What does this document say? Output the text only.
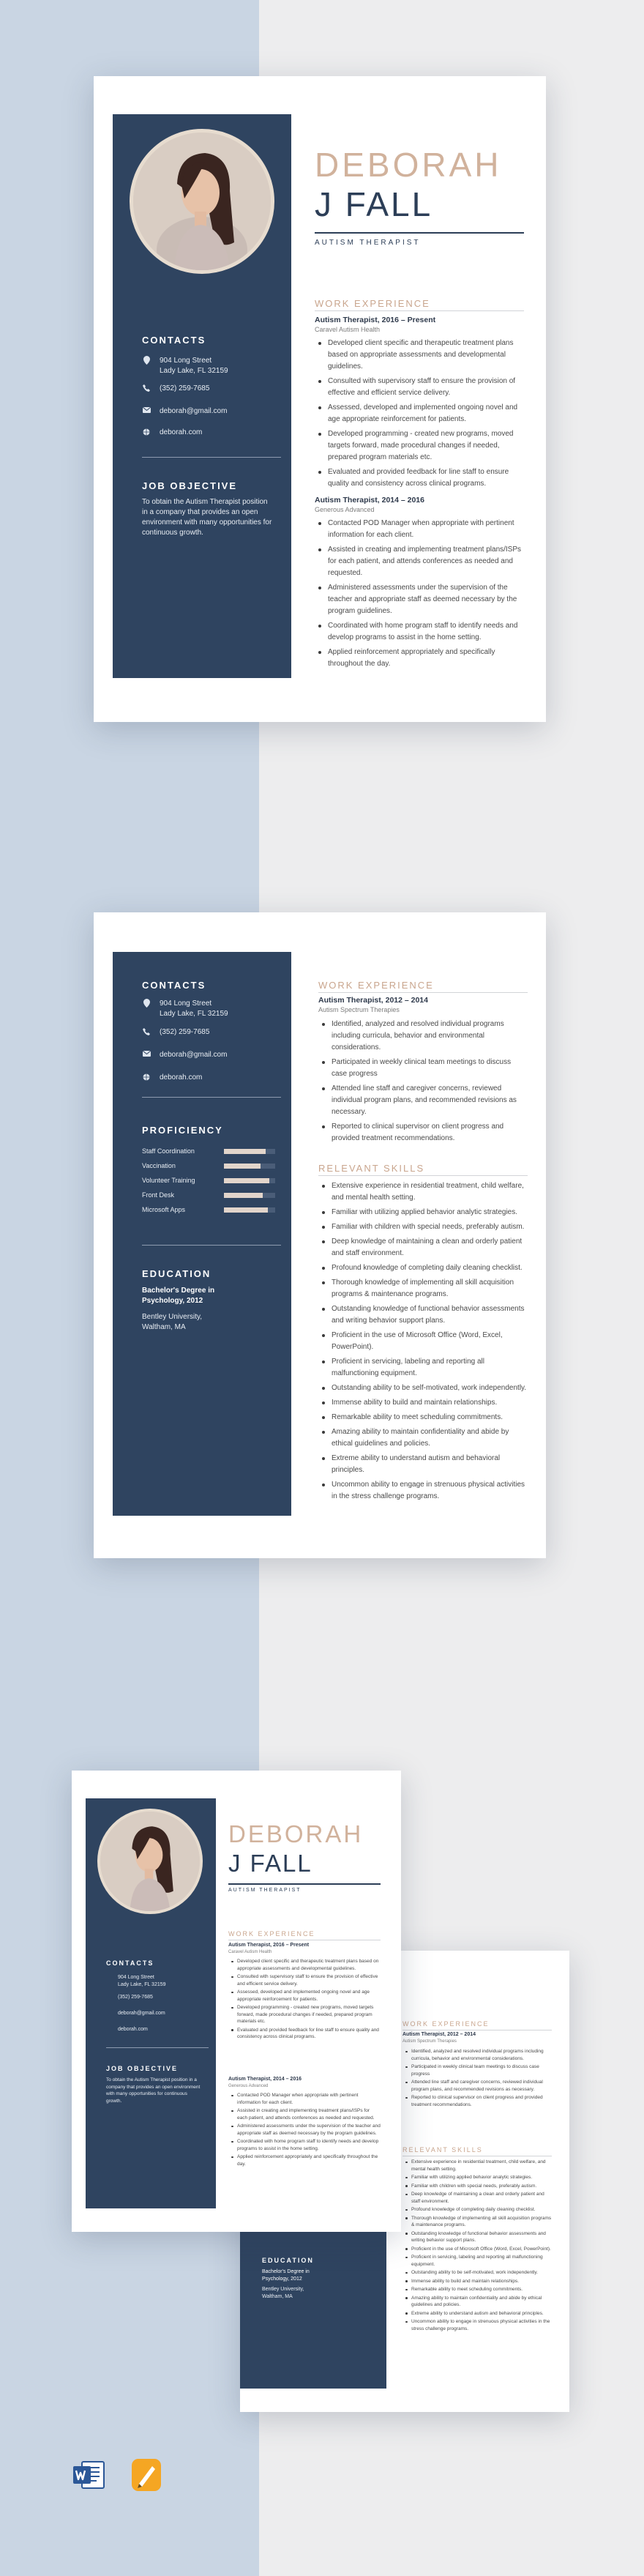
CONTACTS
904 Long Street
Lady Lake, FL 32159
(352) 259-7685
deborah@gmail.com
deborah.com
JOB OBJECTIVE
To obtain the Autism Therapist position in a company that provides an open environment with many opportunities for continuous growth.
DEBORAH
J FALL
AUTISM THERAPIST
WORK EXPERIENCE
Autism Therapist, 2016 – Present
Caravel Autism Health
Developed client specific and therapeutic treatment plans based on appropriate assessments and developmental guidelines.
Consulted with supervisory staff to ensure the provision of effective and efficient service delivery.
Assessed, developed and implemented ongoing novel and age appropriate reinforcement for patients.
Developed programming - created new programs, moved targets forward, made procedural changes if needed, prepared program materials etc.
Evaluated and provided feedback for line staff to ensure quality and consistency across clinical programs.
Autism Therapist, 2014 – 2016
Generous Advanced
Contacted POD Manager when appropriate with pertinent information for each client.
Assisted in creating and implementing treatment plans/ISPs for each patient, and attends conferences as needed and requested.
Administered assessments under the supervision of the teacher and appropriate staff as deemed necessary by the program guidelines.
Coordinated with home program staff to identify needs and develop programs to assist in the home setting.
Applied reinforcement appropriately and specifically throughout the day.
CONTACTS
904 Long Street
Lady Lake, FL 32159
(352) 259-7685
deborah@gmail.com
deborah.com
PROFICIENCY
Staff Coordination
Vaccination
Volunteer Training
Front Desk
Microsoft Apps
EDUCATION
Bachelor's Degree in
Psychology, 2012
Bentley University,
Waltham, MA
WORK EXPERIENCE
Autism Therapist, 2012 – 2014
Autism Spectrum Therapies
Identified, analyzed and resolved individual programs including curricula, behavior and environmental considerations.
Participated in weekly clinical team meetings to discuss case progress
Attended line staff and caregiver concerns, reviewed individual program plans, and recommended revisions as necessary.
Reported to clinical supervisor on client progress and provided treatment recommendations.
RELEVANT SKILLS
Extensive experience in residential treatment, child welfare, and mental health setting.
Familiar with utilizing applied behavior analytic strategies.
Familiar with children with special needs, preferably autism.
Deep knowledge of maintaining a clean and orderly patient and staff environment.
Profound knowledge of completing daily cleaning checklist.
Thorough knowledge of implementing all skill acquisition programs & maintenance programs.
Outstanding knowledge of functional behavior assessments and writing behavior support plans.
Proficient in the use of Microsoft Office (Word, Excel, PowerPoint).
Proficient in servicing, labeling and reporting all malfunctioning equipment.
Outstanding ability to be self-motivated, work independently.
Immense ability to build and maintain relationships.
Remarkable ability to meet scheduling commitments.
Amazing ability to maintain confidentiality and abide by ethical guidelines and policies.
Extreme ability to understand autism and behavioral principles.
Uncommon ability to engage in strenuous physical activities in the stress challenge programs.
EDUCATION
Bachelor's Degree in
Psychology, 2012
Bentley University,
Waltham, MA
WORK EXPERIENCE
Autism Therapist, 2012 – 2014
Autism Spectrum Therapies
Identified, analyzed and resolved individual programs including curricula, behavior and environmental considerations.
Participated in weekly clinical team meetings to discuss case progress
Attended line staff and caregiver concerns, reviewed individual program plans, and recommended revisions as necessary.
Reported to clinical supervisor on client progress and provided treatment recommendations.
RELEVANT SKILLS
Extensive experience in residential treatment, child welfare, and mental health setting.
Familiar with utilizing applied behavior analytic strategies.
Familiar with children with special needs, preferably autism.
Deep knowledge of maintaining a clean and orderly patient and staff environment.
Profound knowledge of completing daily cleaning checklist.
Thorough knowledge of implementing all skill acquisition programs & maintenance programs.
Outstanding knowledge of functional behavior assessments and writing behavior support plans.
Proficient in the use of Microsoft Office (Word, Excel, PowerPoint).
Proficient in servicing, labeling and reporting all malfunctioning equipment.
Outstanding ability to be self-motivated, work independently.
Immense ability to build and maintain relationships.
Remarkable ability to meet scheduling commitments.
Amazing ability to maintain confidentiality and abide by ethical guidelines and policies.
Extreme ability to understand autism and behavioral principles.
Uncommon ability to engage in strenuous physical activities in the stress challenge programs.
CONTACTS
904 Long Street
Lady Lake, FL 32159
(352) 259-7685
deborah@gmail.com
deborah.com
JOB OBJECTIVE
To obtain the Autism Therapist position in a company that provides an open environment with many opportunities for continuous growth.
DEBORAH
J FALL
AUTISM THERAPIST
WORK EXPERIENCE
Autism Therapist, 2016 – Present
Caravel Autism Health
Developed client specific and therapeutic treatment plans based on appropriate assessments and developmental guidelines.
Consulted with supervisory staff to ensure the provision of effective and efficient service delivery.
Assessed, developed and implemented ongoing novel and age appropriate reinforcement for patients.
Developed programming - created new programs, moved targets forward, made procedural changes if needed, prepared program materials etc.
Evaluated and provided feedback for line staff to ensure quality and consistency across clinical programs.
Autism Therapist, 2014 – 2016
Generous Advanced
Contacted POD Manager when appropriate with pertinent information for each client.
Assisted in creating and implementing treatment plans/ISPs for each patient, and attends conferences as needed and requested.
Administered assessments under the supervision of the teacher and appropriate staff as deemed necessary by the program guidelines.
Coordinated with home program staff to identify needs and develop programs to assist in the home setting.
Applied reinforcement appropriately and specifically throughout the day.
